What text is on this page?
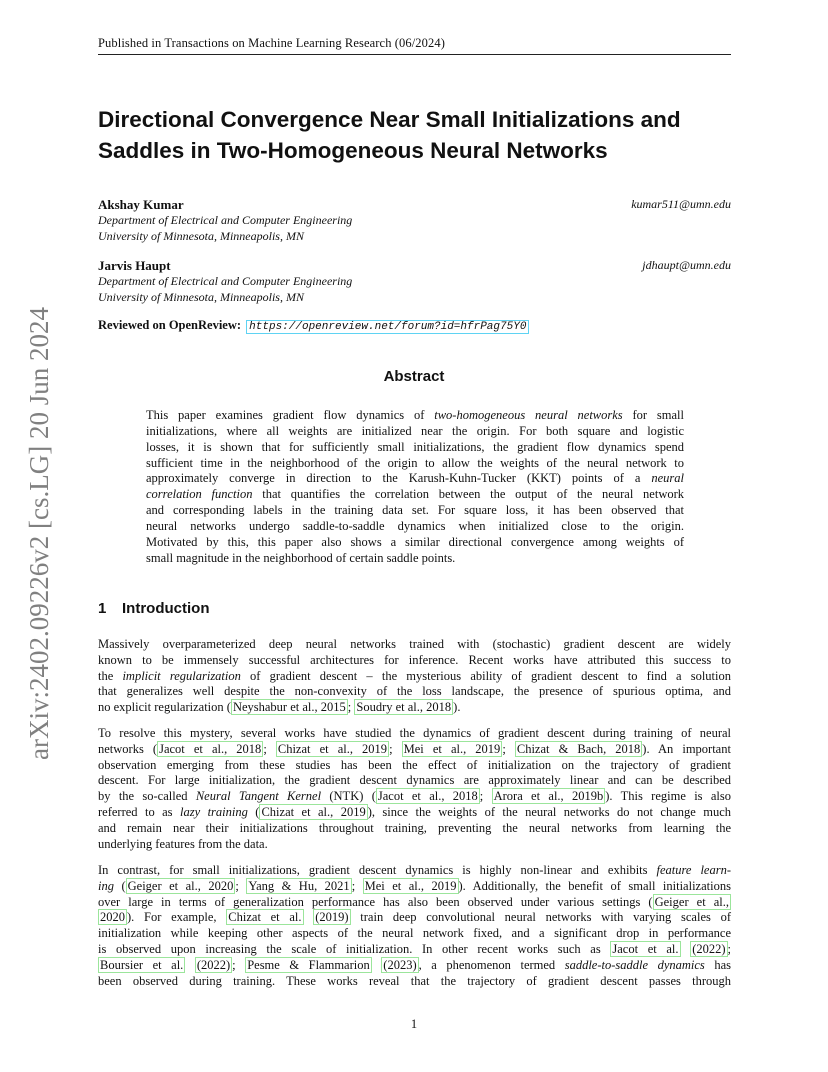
Published in Transactions on Machine Learning Research (06/2024)
arXiv:2402.09226v2 [cs.LG] 20 Jun 2024
Directional Convergence Near Small Initializations and
Saddles in Two-Homogeneous Neural Networks
Akshay Kumar	kumar511@umn.edu
Department of Electrical and Computer Engineering
University of Minnesota, Minneapolis, MN
Jarvis Haupt	jdhaupt@umn.edu
Department of Electrical and Computer Engineering
University of Minnesota, Minneapolis, MN
Reviewed on OpenReview: https://openreview.net/forum?id=hfrPag75Y0
Abstract
This paper examines gradient flow dynamics of two-homogeneous neural networks for small
initializations, where all weights are initialized near the origin. For both square and logistic
losses, it is shown that for sufficiently small initializations, the gradient flow dynamics spend
sufficient time in the neighborhood of the origin to allow the weights of the neural network to
approximately converge in direction to the Karush-Kuhn-Tucker (KKT) points of a neural
correlation function that quantifies the correlation between the output of the neural network
and corresponding labels in the training data set. For square loss, it has been observed that
neural networks undergo saddle-to-saddle dynamics when initialized close to the origin.
Motivated by this, this paper also shows a similar directional convergence among weights of
small magnitude in the neighborhood of certain saddle points.
1 Introduction
Massively overparameterized deep neural networks trained with (stochastic) gradient descent are widely
known to be immensely successful architectures for inference. Recent works have attributed this success to
the implicit regularization of gradient descent – the mysterious ability of gradient descent to find a solution
that generalizes well despite the non-convexity of the loss landscape, the presence of spurious optima, and
no explicit regularization ( Neyshabur et al., 2015 ; Soudry et al., 2018 ).
To resolve this mystery, several works have studied the dynamics of gradient descent during training of neural
networks ( Jacot et al., 2018 ; Chizat et al., 2019 ; Mei et al., 2019 ; Chizat & Bach, 2018 ). An important
observation emerging from these studies has been the effect of initialization on the trajectory of gradient
descent. For large initialization, the gradient descent dynamics are approximately linear and can be described
by the so-called Neural Tangent Kernel (NTK) ( Jacot et al., 2018 ; Arora et al., 2019b ). This regime is also
referred to as lazy training ( Chizat et al., 2019 ), since the weights of the neural networks do not change much
and remain near their initializations throughout training, preventing the neural networks from learning the
underlying features from the data.
In contrast, for small initializations, gradient descent dynamics is highly non-linear and exhibits feature learn-
ing ( Geiger et al., 2020 ; Yang & Hu, 2021 ; Mei et al., 2019 ). Additionally, the benefit of small initializations
over large in terms of generalization performance has also been observed under various settings ( Geiger et al.,
2020 ). For example, Chizat et al. (2019) train deep convolutional neural networks with varying scales of
initialization while keeping other aspects of the neural network fixed, and a significant drop in performance
is observed upon increasing the scale of initialization. In other recent works such as Jacot et al. (2022) ;
Boursier et al. (2022) ; Pesme & Flammarion (2023) , a phenomenon termed saddle-to-saddle dynamics has
been observed during training. These works reveal that the trajectory of gradient descent passes through
1
